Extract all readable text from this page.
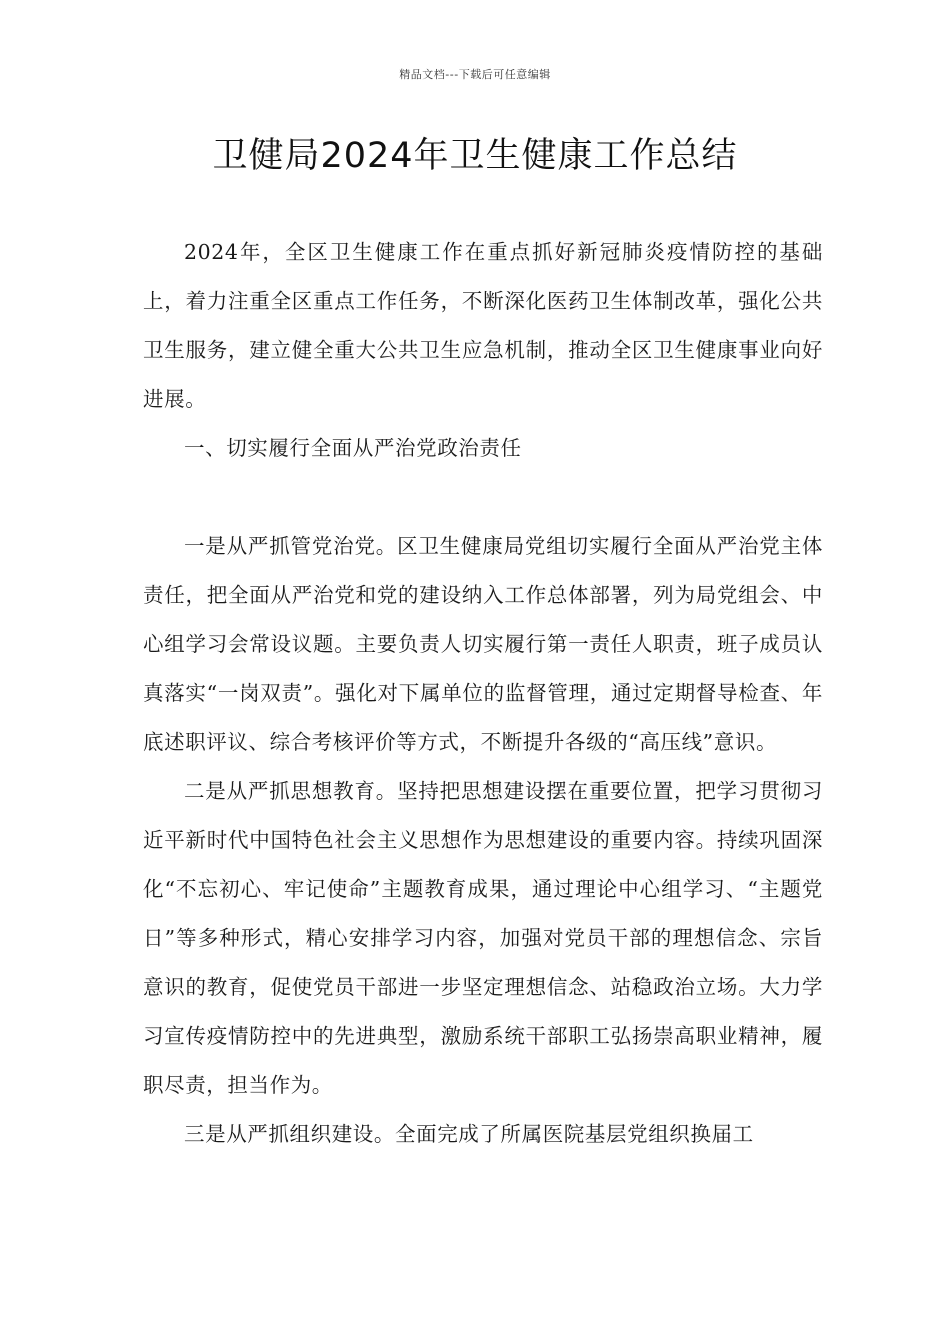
精品文档---下载后可任意编辑
卫健局2024年卫生健康工作总结

2024年，全区卫生健康工作在重点抓好新冠肺炎疫情防控的基础上，着力注重全区重点工作任务，不断深化医药卫生体制改革，强化公共卫生服务，建立健全重大公共卫生应急机制，推动全区卫生健康事业向好进展。

一、切实履行全面从严治党政治责任

一是从严抓管党治党。区卫生健康局党组切实履行全面从严治党主体责任，把全面从严治党和党的建设纳入工作总体部署，列为局党组会、中心组学习会常设议题。主要负责人切实履行第一责任人职责，班子成员认真落实“一岗双责”。强化对下属单位的监督管理，通过定期督导检查、年底述职评议、综合考核评价等方式，不断提升各级的“高压线”意识。

二是从严抓思想教育。坚持把思想建设摆在重要位置，把学习贯彻习近平新时代中国特色社会主义思想作为思想建设的重要内容。持续巩固深化“不忘初心、牢记使命”主题教育成果，通过理论中心组学习、“主题党日”等多种形式，精心安排学习内容，加强对党员干部的理想信念、宗旨意识的教育，促使党员干部进一步坚定理想信念、站稳政治立场。大力学习宣传疫情防控中的先进典型，激励系统干部职工弘扬崇高职业精神，履职尽责，担当作为。

三是从严抓组织建设。全面完成了所属医院基层党组织换届工
